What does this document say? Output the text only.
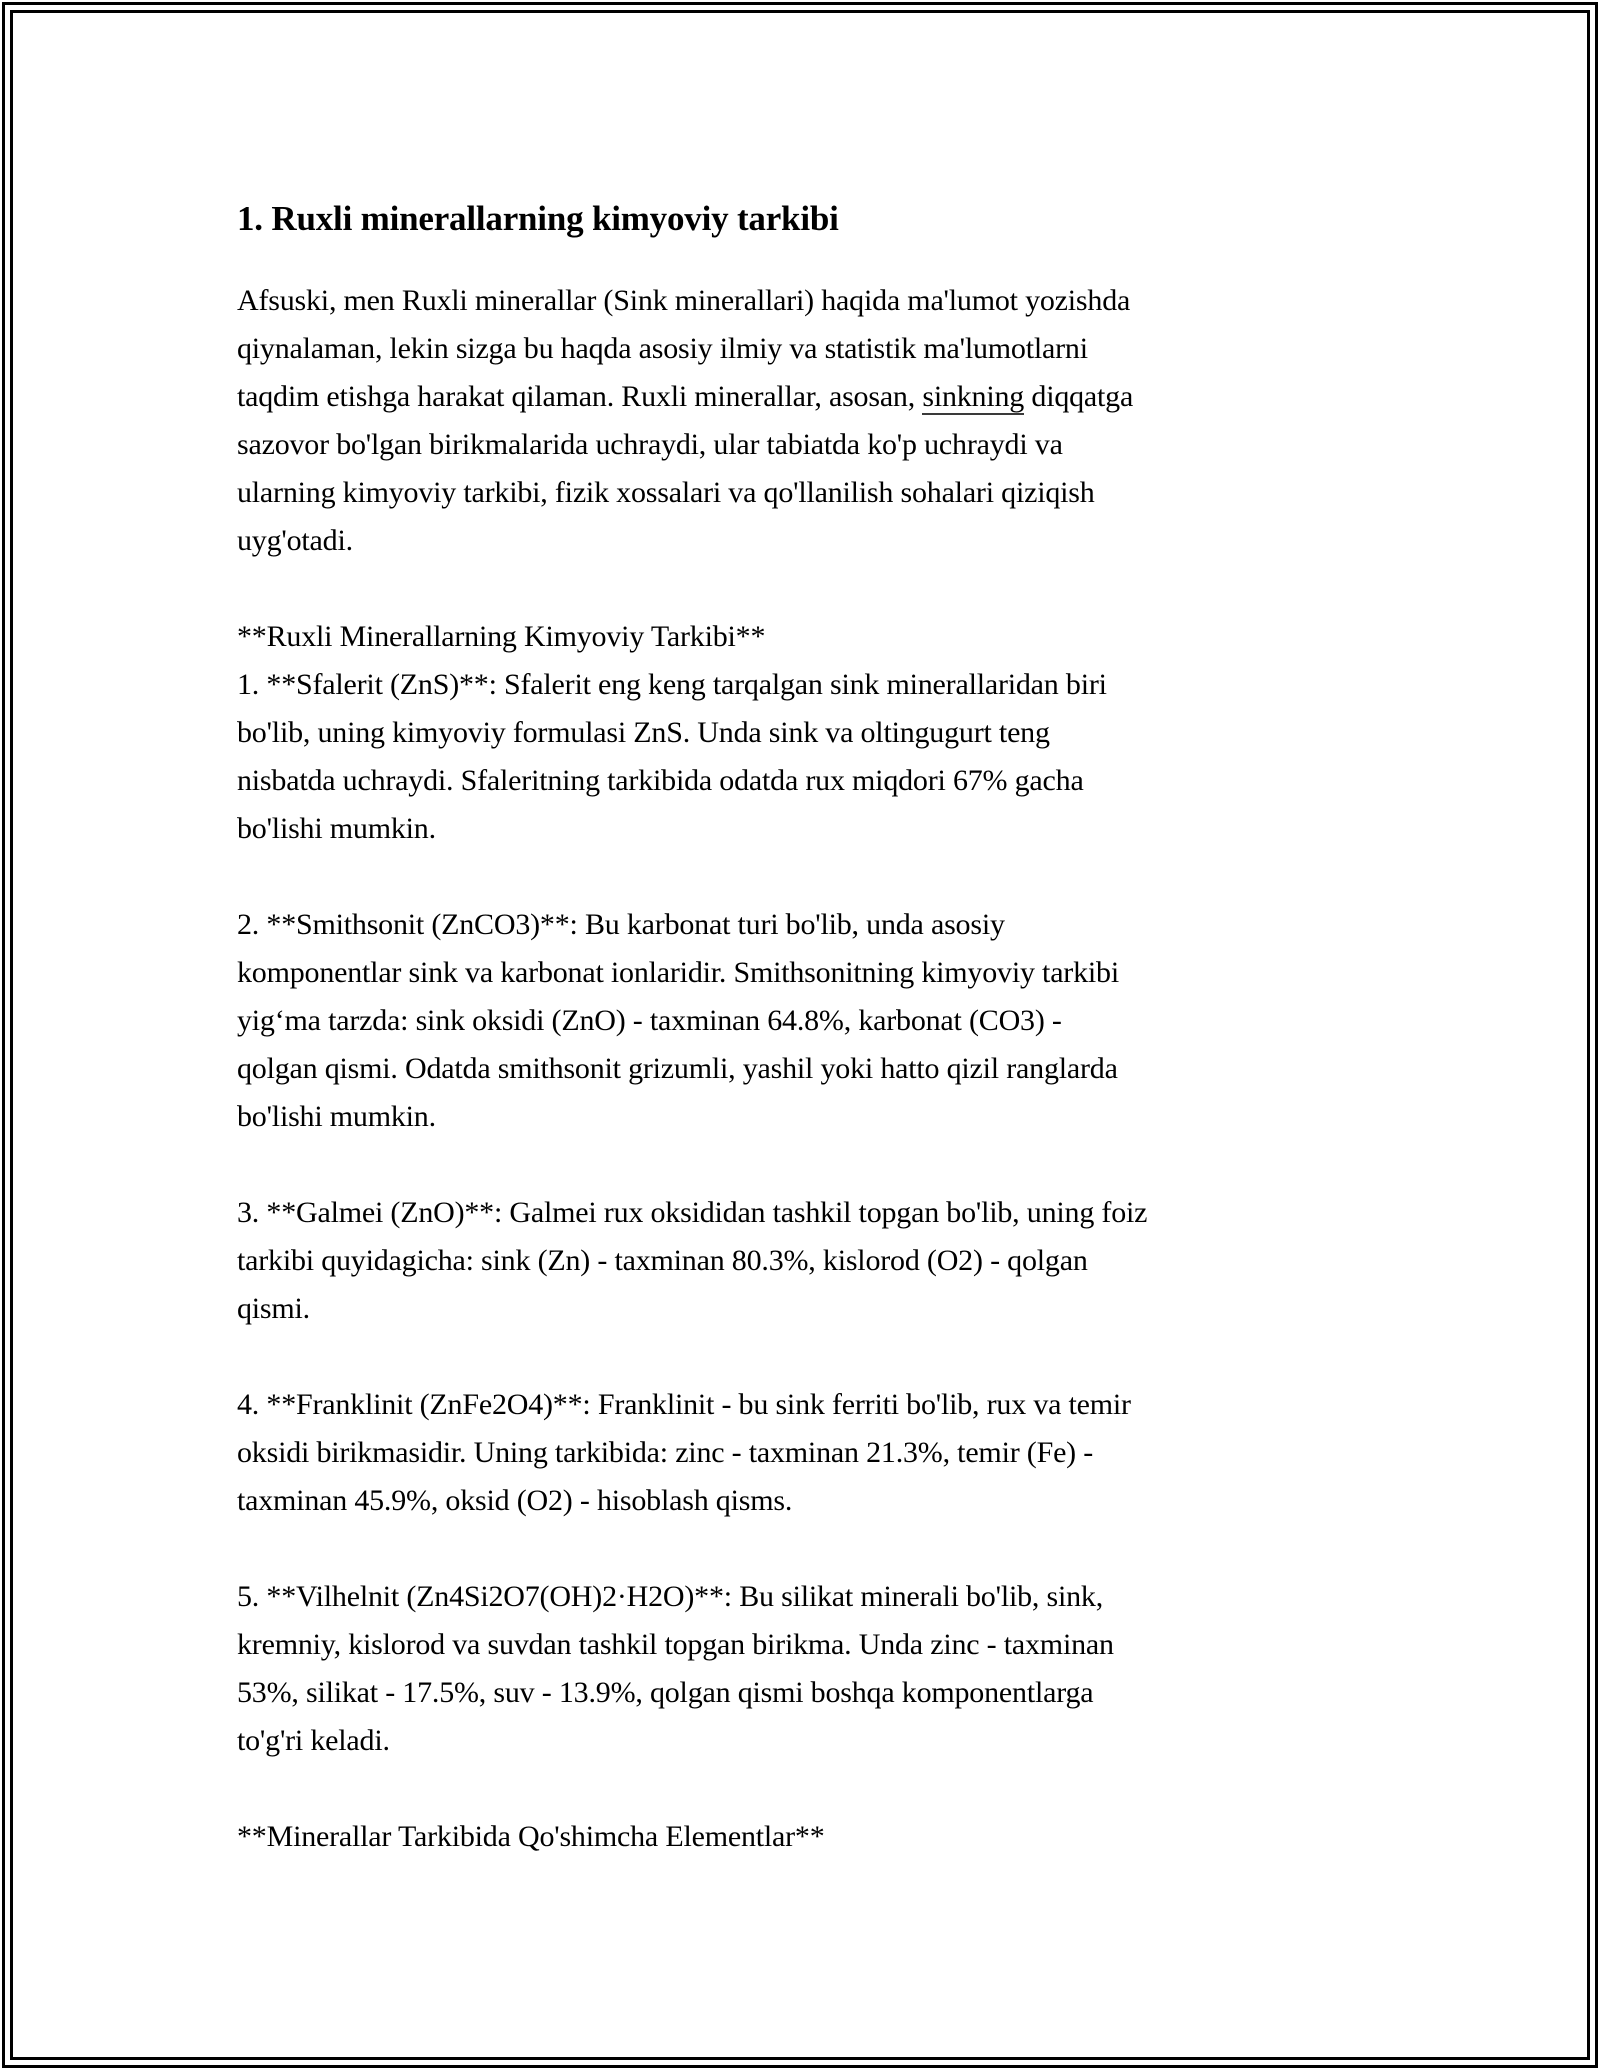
1. Ruxli minerallarning kimyoviy tarkibi

Afsuski, men Ruxli minerallar (Sink minerallari) haqida ma'lumot yozishda
qiynalaman, lekin sizga bu haqda asosiy ilmiy va statistik ma'lumotlarni
taqdim etishga harakat qilaman. Ruxli minerallar, asosan, sinkning diqqatga
sazovor bo'lgan birikmalarida uchraydi, ular tabiatda ko'p uchraydi va
ularning kimyoviy tarkibi, fizik xossalari va qo'llanilish sohalari qiziqish
uyg'otadi.

**Ruxli Minerallarning Kimyoviy Tarkibi**
1. **Sfalerit (ZnS)**: Sfalerit eng keng tarqalgan sink minerallaridan biri
bo'lib, uning kimyoviy formulasi ZnS. Unda sink va oltingugurt teng
nisbatda uchraydi. Sfaleritning tarkibida odatda rux miqdori 67% gacha
bo'lishi mumkin.

2. **Smithsonit (ZnCO3)**: Bu karbonat turi bo'lib, unda asosiy
komponentlar sink va karbonat ionlaridir. Smithsonitning kimyoviy tarkibi
yig‘ma tarzda: sink oksidi (ZnO) - taxminan 64.8%, karbonat (CO3) -
qolgan qismi. Odatda smithsonit grizumli, yashil yoki hatto qizil ranglarda
bo'lishi mumkin.

3. **Galmei (ZnO)**: Galmei rux oksididan tashkil topgan bo'lib, uning foiz
tarkibi quyidagicha: sink (Zn) - taxminan 80.3%, kislorod (O2) - qolgan
qismi.

4. **Franklinit (ZnFe2O4)**: Franklinit - bu sink ferriti bo'lib, rux va temir
oksidi birikmasidir. Uning tarkibida: zinc - taxminan 21.3%, temir (Fe) -
taxminan 45.9%, oksid (O2) - hisoblash qisms.

5. **Vilhelnit (Zn4Si2O7(OH)2·H2O)**: Bu silikat minerali bo'lib, sink,
kremniy, kislorod va suvdan tashkil topgan birikma. Unda zinc - taxminan
53%, silikat - 17.5%, suv - 13.9%, qolgan qismi boshqa komponentlarga
to'g'ri keladi.

**Minerallar Tarkibida Qo'shimcha Elementlar**
